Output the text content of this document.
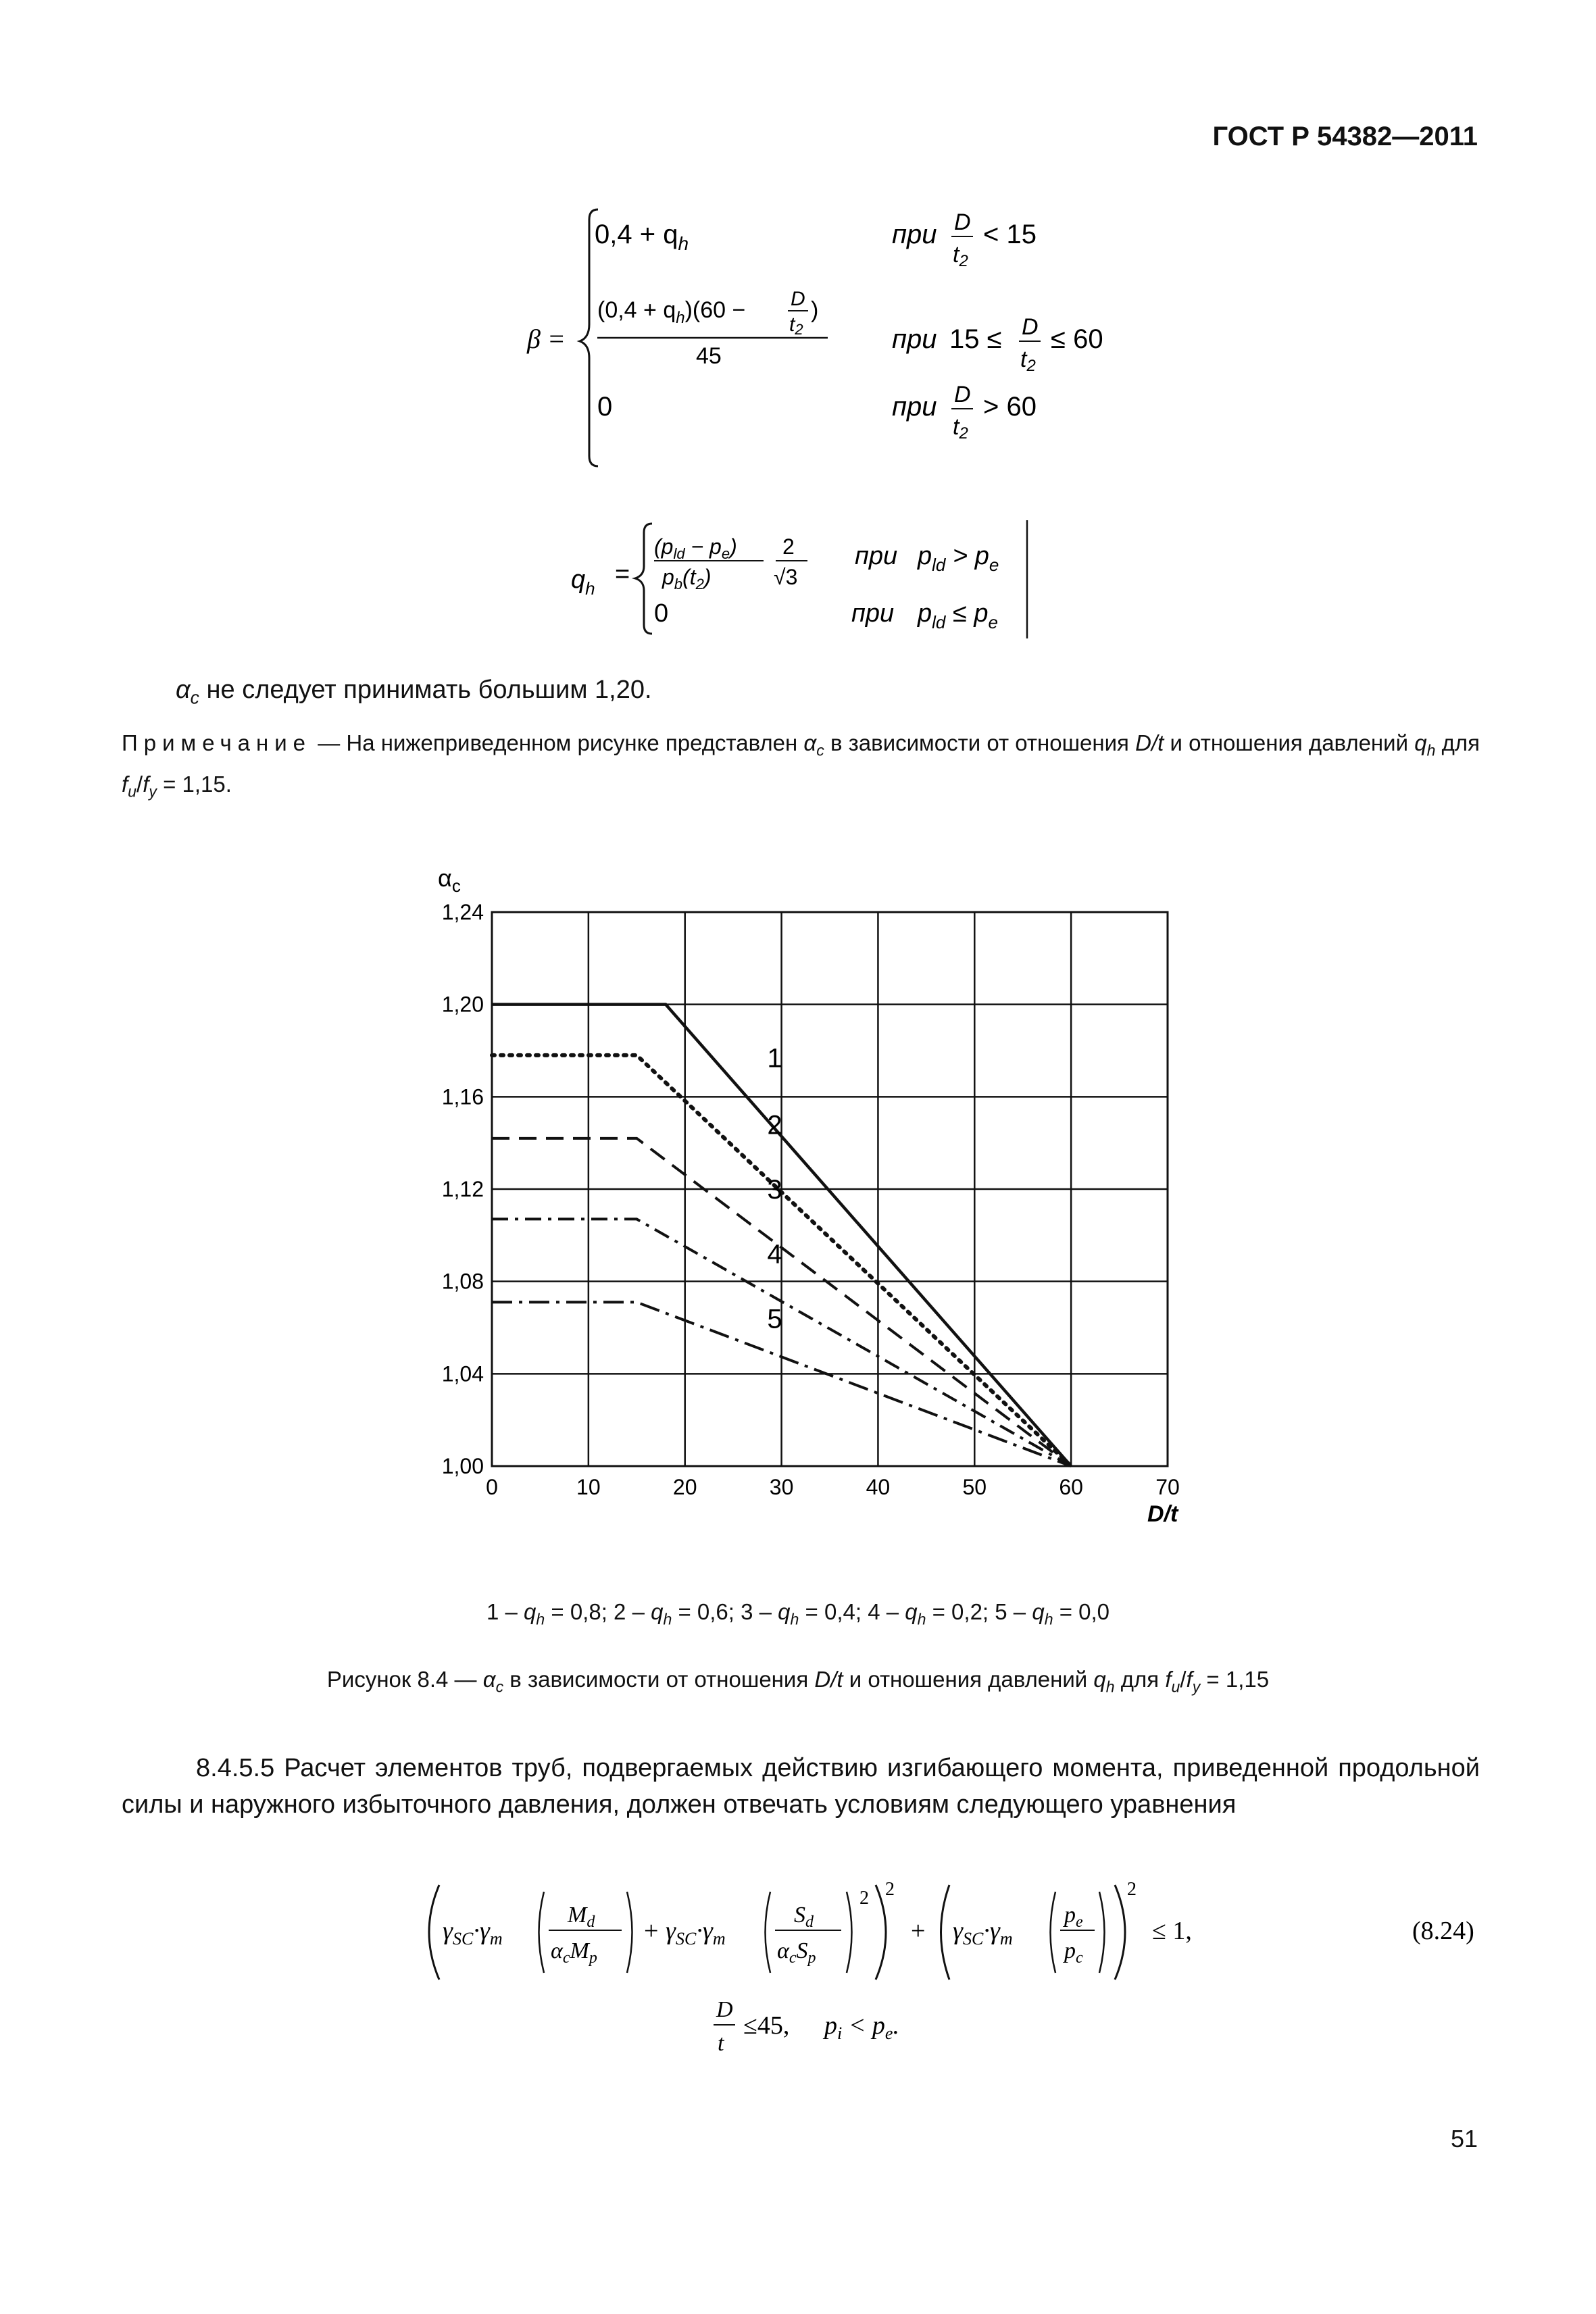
ГОСТ Р 54382—2011
β =
$0,4 + q_h$	при D
t2
< 15
$(0,4 + q_h)(60 - D$
t2
)
45
при 15 ≤ D
t2
≤ 60
0	при D
t2
> 60
$q_h$ =
$(p_{ld} - p_e)$
$p_b(t_2)$
2
√3
при $p_{ld} > p_e$
0	при $p_{ld} \le p_e$
$\alpha_c$ не следует принимать большим 1,20.
Примечание — На нижеприведенном рисунке представлен $\alpha_c$ в зависимости от отношения D/t и отношения давлений $q_h$ для $f_u/f_y = 1,15$.
1
2
3
4
5
0	10	20	30	40	50	60	70
1,00
1,04
1,08
1,12
1,16
1,20
1,24
$\alpha_c$
D/t
$1 - q_h = 0,8$; $2 - q_h = 0,6$; $3 - q_h = 0,4$; $4 - q_h = 0,2$; $5 - q_h = 0,0$
Рисунок 8.4 — $\alpha_c$ в зависимости от отношения D/t и отношения давлений $q_h$ для $f_u/f_y = 1,15$
8.4.5.5 Расчет элементов труб, подвергаемых действию изгибающего момента, приведенной продольной силы и наружного избыточного давления, должен отвечать условиям следующего уравнения
$\gamma_{SC}\cdot\gamma_m$
$M_d$
$\alpha_cM_p$
+ $\gamma_{SC}\cdot\gamma_m$
$S_d$
$\alpha_cS_p$
2 2
+ $\gamma_{SC}\cdot\gamma_m$
$p_e$
$p_c$
2
≤ 1,	(8.24)
D
t
≤45, $p_i < p_e$.
51
